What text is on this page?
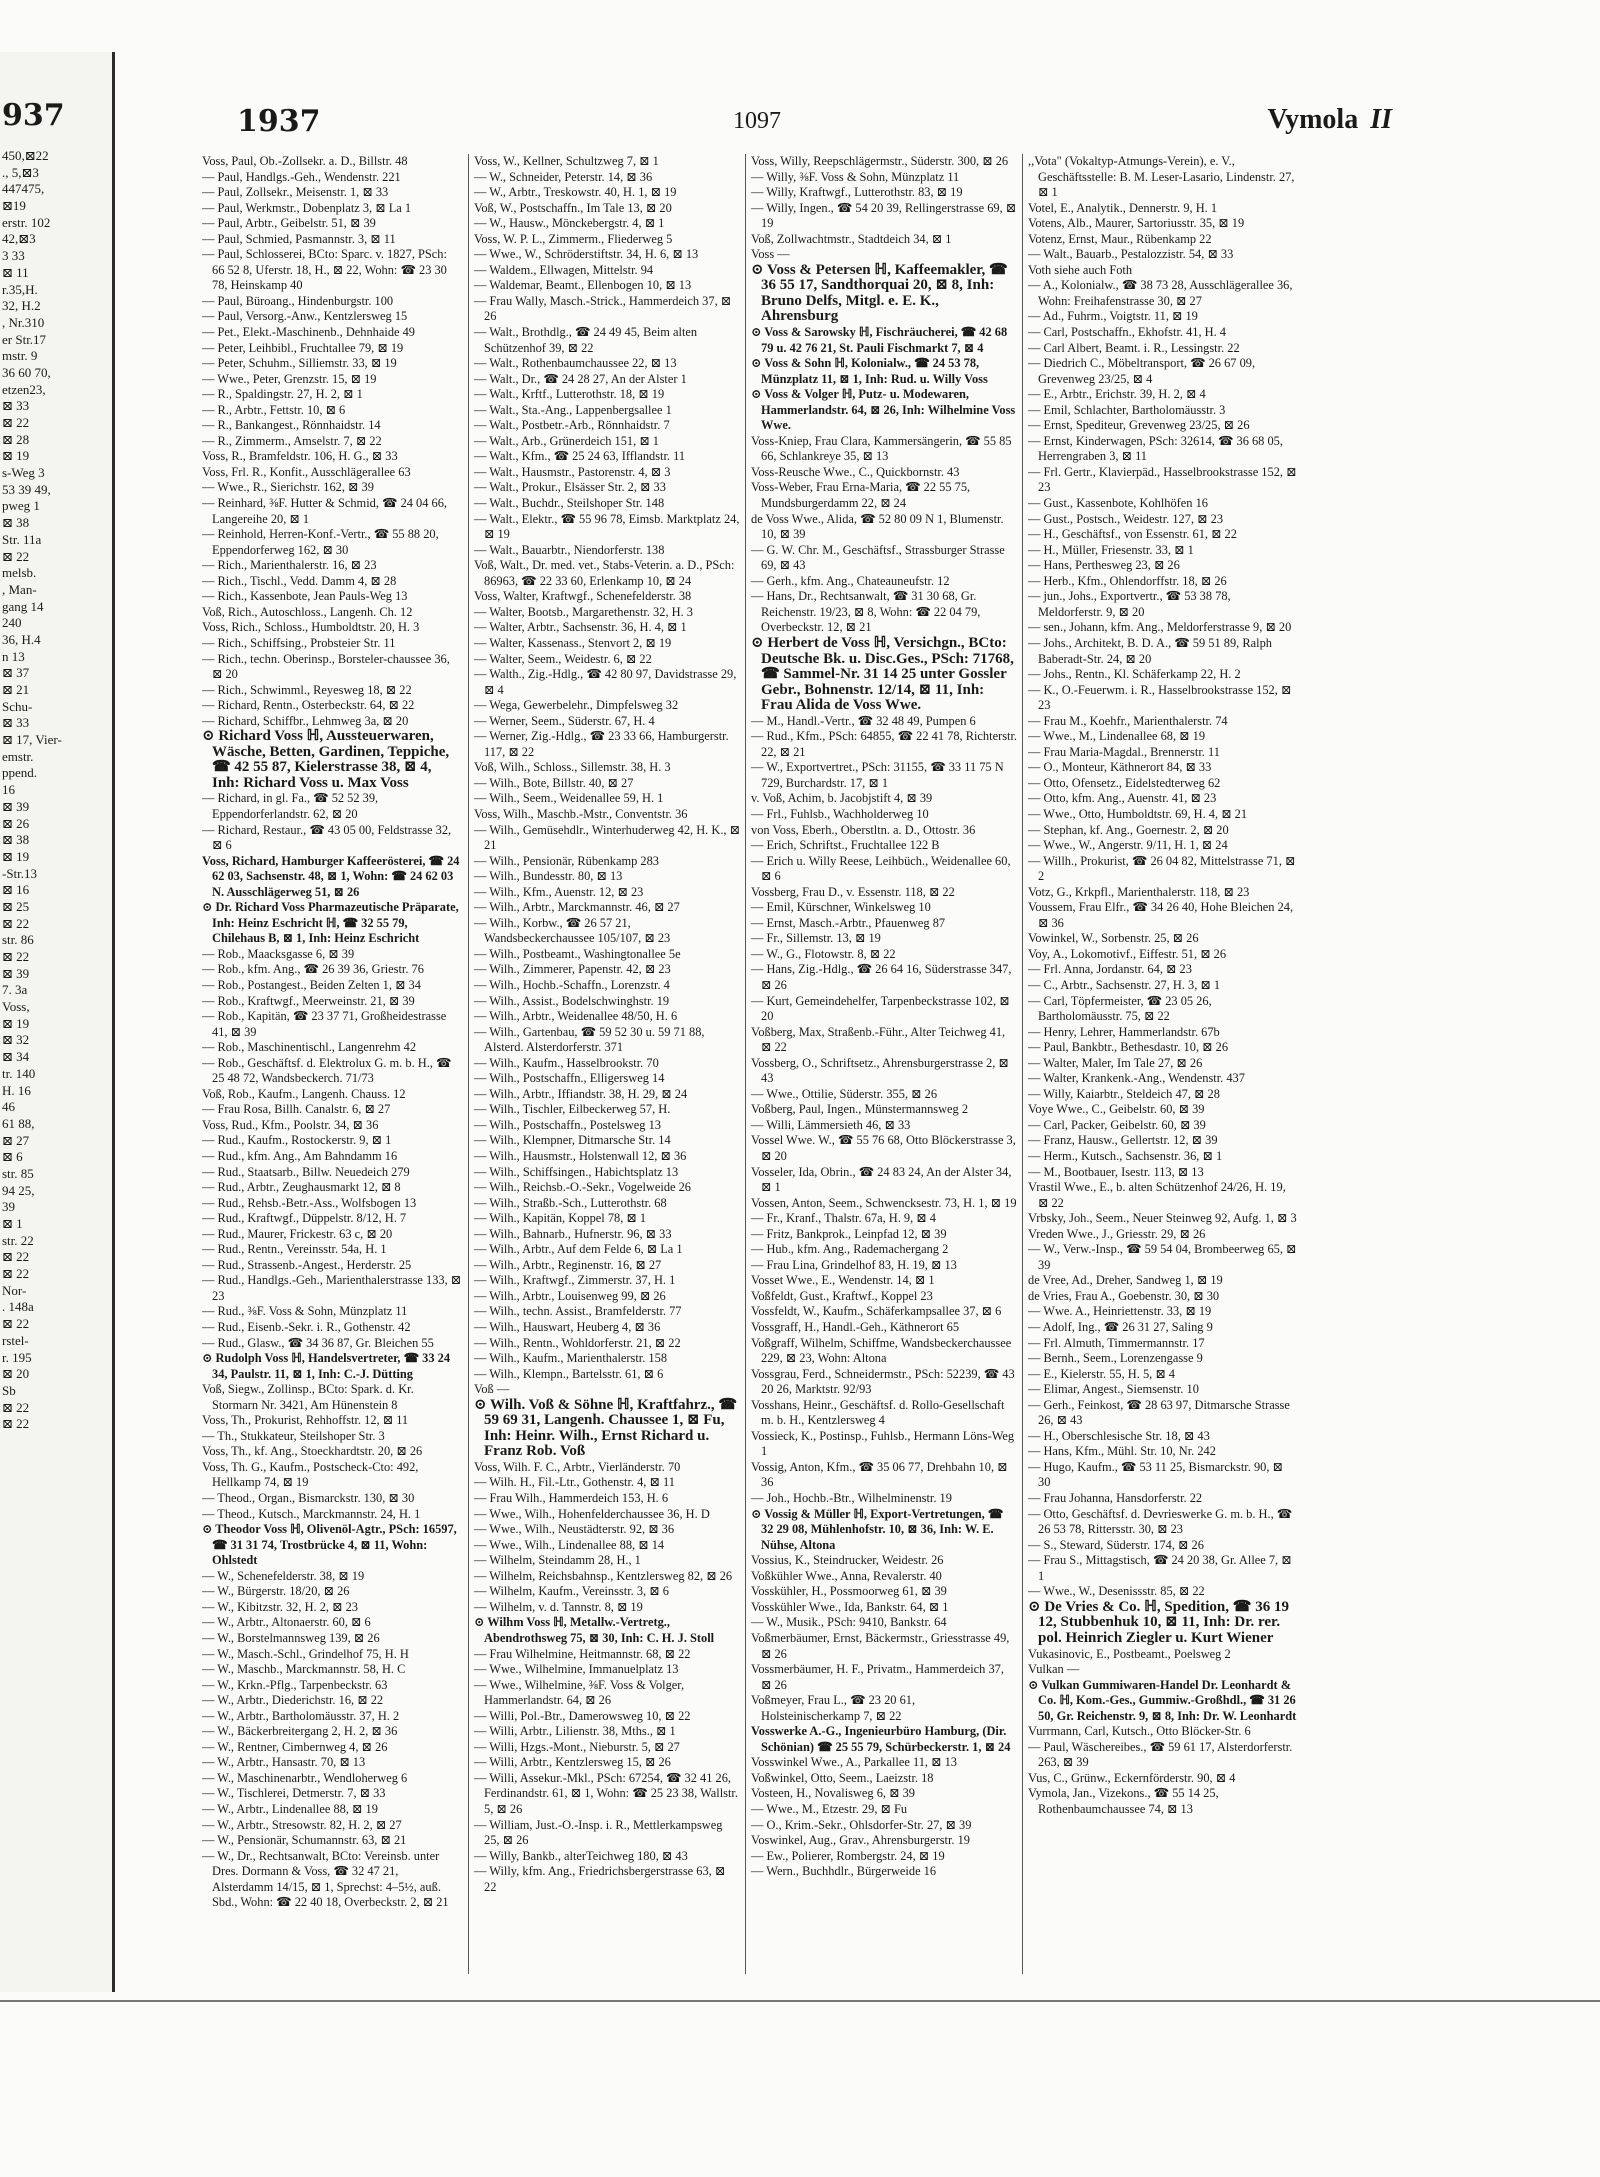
937
450,⊠22
., 5,⊠3
447475,
⊠19
erstr. 102
42,⊠3
3 33
⊠ 11
r.35,H.
32, H.2
, Nr.310
er Str.17
mstr. 9
36 60 70,
etzen23,
⊠ 33
⊠ 22
⊠ 28
⊠ 19
s-Weg 3
53 39 49,
pweg 1
⊠ 38
Str. 11a
⊠ 22
melsb.
, Man-
gang 14
240
36, H.4
n 13
⊠ 37
⊠ 21
Schu-
⊠ 33
⊠ 17, Vier-
emstr.
ppend.
16
⊠ 39
⊠ 26
⊠ 38
⊠ 19
-Str.13
⊠ 16
⊠ 25
⊠ 22
str. 86
⊠ 22
⊠ 39
7. 3a
Voss,
⊠ 19
⊠ 32
⊠ 34
tr. 140
H. 16
46
61 88,
⊠ 27
⊠ 6
str. 85
94 25,
39
⊠ 1
str. 22
⊠ 22
⊠ 22
Nor-
. 148a
⊠ 22
rstel-
r. 195
⊠ 20
Sb
⊠ 22
⊠ 22
1937	1097	Vymola II
Voss, Paul, Ob.-Zollsekr. a. D., Billstr. 48
— Paul, Handlgs.-Geh., Wendenstr. 221
— Paul, Zollsekr., Meisenstr. 1, ⊠ 33
— Paul, Werkmstr., Dobenplatz 3, ⊠ La 1
— Paul, Arbtr., Geibelstr. 51, ⊠ 39
— Paul, Schmied, Pasmannstr. 3, ⊠ 11
— Paul, Schlosserei, BCto: Sparc. v. 1827, PSch: 66 52 8, Uferstr. 18, H., ⊠ 22, Wohn: ☎ 23 30 78, Heinskamp 40
— Paul, Büroang., Hindenburgstr. 100
— Paul, Versorg.-Anw., Kentzlersweg 15
— Pet., Elekt.-Maschinenb., Dehnhaide 49
— Peter, Leihbibl., Fruchtallee 79, ⊠ 19
— Peter, Schuhm., Silliemstr. 33, ⊠ 19
— Wwe., Peter, Grenzstr. 15, ⊠ 19
— R., Spaldingstr. 27, H. 2, ⊠ 1
— R., Arbtr., Fettstr. 10, ⊠ 6
— R., Bankangest., Rönnhaidstr. 14
— R., Zimmerm., Amselstr. 7, ⊠ 22
Voss, R., Bramfeldstr. 106, H. G., ⊠ 33
Voss, Frl. R., Konfit., Ausschlägerallee 63
— Wwe., R., Sierichstr. 162, ⊠ 39
— Reinhard, ⅜F. Hutter & Schmid, ☎ 24 04 66, Langereihe 20, ⊠ 1
— Reinhold, Herren-Konf.-Vertr., ☎ 55 88 20, Eppendorferweg 162, ⊠ 30
— Rich., Marienthalerstr. 16, ⊠ 23
— Rich., Tischl., Vedd. Damm 4, ⊠ 28
— Rich., Kassenbote, Jean Pauls-Weg 13
Voß, Rich., Autoschloss., Langenh. Ch. 12
Voss, Rich., Schloss., Humboldtstr. 20, H. 3
— Rich., Schiffsing., Probsteier Str. 11
— Rich., techn. Oberinsp., Borsteler-chaussee 36, ⊠ 20
— Rich., Schwimml., Reyesweg 18, ⊠ 22
— Richard, Rentn., Osterbeckstr. 64, ⊠ 22
— Richard, Schiffbr., Lehmweg 3a, ⊠ 20
⊙ Richard Voss ℍ, Aussteuerwaren, Wäsche, Betten, Gardinen, Teppiche, ☎ 42 55 87, Kielerstrasse 38, ⊠ 4, Inh: Richard Voss u. Max Voss
— Richard, in gl. Fa., ☎ 52 52 39, Eppendorferlandstr. 62, ⊠ 20
— Richard, Restaur., ☎ 43 05 00, Feldstrasse 32, ⊠ 6
Voss, Richard, Hamburger Kaffeerösterei, ☎ 24 62 03, Sachsenstr. 48, ⊠ 1, Wohn: ☎ 24 62 03 N. Ausschlägerweg 51, ⊠ 26
⊙ Dr. Richard Voss Pharmazeutische Präparate, Inh: Heinz Eschricht ℍ, ☎ 32 55 79, Chilehaus B, ⊠ 1, Inh: Heinz Eschricht
— Rob., Maacksgasse 6, ⊠ 39
— Rob., kfm. Ang., ☎ 26 39 36, Griestr. 76
— Rob., Postangest., Beiden Zelten 1, ⊠ 34
— Rob., Kraftwgf., Meerweinstr. 21, ⊠ 39
— Rob., Kapitän, ☎ 23 37 71, Großheidestrasse 41, ⊠ 39
— Rob., Maschinentischl., Langenrehm 42
— Rob., Geschäftsf. d. Elektrolux G. m. b. H., ☎ 25 48 72, Wandsbeckerch. 71/73
Voß, Rob., Kaufm., Langenh. Chauss. 12
— Frau Rosa, Billh. Canalstr. 6, ⊠ 27
Voss, Rud., Kfm., Poolstr. 34, ⊠ 36
— Rud., Kaufm., Rostockerstr. 9, ⊠ 1
— Rud., kfm. Ang., Am Bahndamm 16
— Rud., Staatsarb., Billw. Neuedeich 279
— Rud., Arbtr., Zeughausmarkt 12, ⊠ 8
— Rud., Rehsb.-Betr.-Ass., Wolfsbogen 13
— Rud., Kraftwgf., Düppelstr. 8/12, H. 7
— Rud., Maurer, Frickestr. 63 c, ⊠ 20
— Rud., Rentn., Vereinsstr. 54a, H. 1
— Rud., Strassenb.-Angest., Herderstr. 25
— Rud., Handlgs.-Geh., Marienthalerstrasse 133, ⊠ 23
— Rud., ⅜F. Voss & Sohn, Münzplatz 11
— Rud., Eisenb.-Sekr. i. R., Gothenstr. 42
— Rud., Glasw., ☎ 34 36 87, Gr. Bleichen 55
⊙ Rudolph Voss ℍ, Handelsvertreter, ☎ 33 24 34, Paulstr. 11, ⊠ 1, Inh: C.-J. Dütting
Voß, Siegw., Zollinsp., BCto: Spark. d. Kr. Stormarn Nr. 3421, Am Hünenstein 8
Voss, Th., Prokurist, Rehhoffstr. 12, ⊠ 11
— Th., Stukkateur, Steilshoper Str. 3
Voss, Th., kf. Ang., Stoeckhardtstr. 20, ⊠ 26
Voss, Th. G., Kaufm., Postscheck-Cto: 492, Hellkamp 74, ⊠ 19
— Theod., Organ., Bismarckstr. 130, ⊠ 30
— Theod., Kutsch., Marckmannstr. 24, H. 1
⊙ Theodor Voss ℍ, Olivenöl-Agtr., PSch: 16597, ☎ 31 31 74, Trostbrücke 4, ⊠ 11, Wohn: Ohlstedt
— W., Schenefelderstr. 38, ⊠ 19
— W., Bürgerstr. 18/20, ⊠ 26
— W., Kibitzstr. 32, H. 2, ⊠ 23
— W., Arbtr., Altonaerstr. 60, ⊠ 6
— W., Borstelmannsweg 139, ⊠ 26
— W., Masch.-Schl., Grindelhof 75, H. H
— W., Maschb., Marckmannstr. 58, H. C
— W., Krkn.-Pflg., Tarpenbeckstr. 63
— W., Arbtr., Diederichstr. 16, ⊠ 22
— W., Arbtr., Bartholomäusstr. 37, H. 2
— W., Bäckerbreitergang 2, H. 2, ⊠ 36
— W., Rentner, Cimbernweg 4, ⊠ 26
— W., Arbtr., Hansastr. 70, ⊠ 13
— W., Maschinenarbtr., Wendloherweg 6
— W., Tischlerei, Detmerstr. 7, ⊠ 33
— W., Arbtr., Lindenallee 88, ⊠ 19
— W., Arbtr., Stresowstr. 82, H. 2, ⊠ 27
— W., Pensionär, Schumannstr. 63, ⊠ 21
— W., Dr., Rechtsanwalt, BCto: Vereinsb. unter Dres. Dormann & Voss, ☎ 32 47 21, Alsterdamm 14/15, ⊠ 1, Sprechst: 4–5½, auß. Sbd., Wohn: ☎ 22 40 18, Overbeckstr. 2, ⊠ 21
Voss, W., Kellner, Schultzweg 7, ⊠ 1
— W., Schneider, Peterstr. 14, ⊠ 36
— W., Arbtr., Treskowstr. 40, H. 1, ⊠ 19
Voß, W., Postschaffn., Im Tale 13, ⊠ 20
— W., Hausw., Mönckebergstr. 4, ⊠ 1
Voss, W. P. L., Zimmerm., Fliederweg 5
— Wwe., W., Schröderstiftstr. 34, H. 6, ⊠ 13
— Waldem., Ellwagen, Mittelstr. 94
— Waldemar, Beamt., Ellenbogen 10, ⊠ 13
— Frau Wally, Masch.-Strick., Hammerdeich 37, ⊠ 26
— Walt., Brothdlg., ☎ 24 49 45, Beim alten Schützenhof 39, ⊠ 22
— Walt., Rothenbaumchaussee 22, ⊠ 13
— Walt., Dr., ☎ 24 28 27, An der Alster 1
— Walt., Krftf., Lutterothstr. 18, ⊠ 19
— Walt., Sta.-Ang., Lappenbergsallee 1
— Walt., Postbetr.-Arb., Rönnhaidstr. 7
— Walt., Arb., Grünerdeich 151, ⊠ 1
— Walt., Kfm., ☎ 25 24 63, Ifflandstr. 11
— Walt., Hausmstr., Pastorenstr. 4, ⊠ 3
— Walt., Prokur., Elsässer Str. 2, ⊠ 33
— Walt., Buchdr., Steilshoper Str. 148
— Walt., Elektr., ☎ 55 96 78, Eimsb. Marktplatz 24, ⊠ 19
— Walt., Bauarbtr., Niendorferstr. 138
Voß, Walt., Dr. med. vet., Stabs-Veterin. a. D., PSch: 86963, ☎ 22 33 60, Erlenkamp 10, ⊠ 24
Voss, Walter, Kraftwgf., Schenefelderstr. 38
— Walter, Bootsb., Margarethenstr. 32, H. 3
— Walter, Arbtr., Sachsenstr. 36, H. 4, ⊠ 1
— Walter, Kassenass., Stenvort 2, ⊠ 19
— Walter, Seem., Weidestr. 6, ⊠ 22
— Walth., Zig.-Hdlg., ☎ 42 80 97, Davidstrasse 29, ⊠ 4
— Wega, Gewerbelehr., Dimpfelsweg 32
— Werner, Seem., Süderstr. 67, H. 4
— Werner, Zig.-Hdlg., ☎ 23 33 66, Hamburgerstr. 117, ⊠ 22
Voß, Wilh., Schloss., Sillemstr. 38, H. 3
— Wilh., Bote, Billstr. 40, ⊠ 27
— Wilh., Seem., Weidenallee 59, H. 1
Voss, Wilh., Maschb.-Mstr., Conventstr. 36
— Wilh., Gemüsehdlr., Winterhuderweg 42, H. K., ⊠ 21
— Wilh., Pensionär, Rübenkamp 283
— Wilh., Bundesstr. 80, ⊠ 13
— Wilh., Kfm., Auenstr. 12, ⊠ 23
— Wilh., Arbtr., Marckmannstr. 46, ⊠ 27
— Wilh., Korbw., ☎ 26 57 21, Wandsbeckerchaussee 105/107, ⊠ 23
— Wilh., Postbeamt., Washingtonallee 5e
— Wilh., Zimmerer, Papenstr. 42, ⊠ 23
— Wilh., Hochb.-Schaffn., Lorenzstr. 4
— Wilh., Assist., Bodelschwinghstr. 19
— Wilh., Arbtr., Weidenallee 48/50, H. 6
— Wilh., Gartenbau, ☎ 59 52 30 u. 59 71 88, Alsterd. Alsterdorferstr. 371
— Wilh., Kaufm., Hasselbrookstr. 70
— Wilh., Postschaffn., Elligersweg 14
— Wilh., Arbtr., Iffiandstr. 38, H. 29, ⊠ 24
— Wilh., Tischler, Eilbeckerweg 57, H.
— Wilh., Postschaffn., Postelsweg 13
— Wilh., Klempner, Ditmarsche Str. 14
— Wilh., Hausmstr., Holstenwall 12, ⊠ 36
— Wilh., Schiffsingen., Habichtsplatz 13
— Wilh., Reichsb.-O.-Sekr., Vogelweide 26
— Wilh., Straßb.-Sch., Lutterothstr. 68
— Wilh., Kapitän, Koppel 78, ⊠ 1
— Wilh., Bahnarb., Hufnerstr. 96, ⊠ 33
— Wilh., Arbtr., Auf dem Felde 6, ⊠ La 1
— Wilh., Arbtr., Reginenstr. 16, ⊠ 27
— Wilh., Kraftwgf., Zimmerstr. 37, H. 1
— Wilh., Arbtr., Louisenweg 99, ⊠ 26
— Wilh., techn. Assist., Bramfelderstr. 77
— Wilh., Hauswart, Heuberg 4, ⊠ 36
— Wilh., Rentn., Wohldorferstr. 21, ⊠ 22
— Wilh., Kaufm., Marienthalerstr. 158
— Wilh., Klempn., Bartelsstr. 61, ⊠ 6
Voß —
⊙ Wilh. Voß & Söhne ℍ, Kraftfahrz., ☎ 59 69 31, Langenh. Chaussee 1, ⊠ Fu, Inh: Heinr. Wilh., Ernst Richard u. Franz Rob. Voß
Voss, Wilh. F. C., Arbtr., Vierländerstr. 70
— Wilh. H., Fil.-Ltr., Gothenstr. 4, ⊠ 11
— Frau Wilh., Hammerdeich 153, H. 6
— Wwe., Wilh., Hohenfelderchaussee 36, H. D
— Wwe., Wilh., Neustädterstr. 92, ⊠ 36
— Wwe., Wilh., Lindenallee 88, ⊠ 14
— Wilhelm, Steindamm 28, H., 1
— Wilhelm, Reichsbahnsp., Kentzlersweg 82, ⊠ 26
— Wilhelm, Kaufm., Vereinsstr. 3, ⊠ 6
— Wilhelm, v. d. Tannstr. 8, ⊠ 19
⊙ Wilhm Voss ℍ, Metallw.-Vertretg., Abendrothsweg 75, ⊠ 30, Inh: C. H. J. Stoll
— Frau Wilhelmine, Heitmannstr. 68, ⊠ 22
— Wwe., Wilhelmine, Immanuelplatz 13
— Wwe., Wilhelmine, ⅜F. Voss & Volger, Hammerlandstr. 64, ⊠ 26
— Willi, Pol.-Btr., Damerowsweg 10, ⊠ 22
— Willi, Arbtr., Lilienstr. 38, Mths., ⊠ 1
— Willi, Hzgs.-Mont., Nieburstr. 5, ⊠ 27
— Willi, Arbtr., Kentzlersweg 15, ⊠ 26
— Willi, Assekur.-Mkl., PSch: 67254, ☎ 32 41 26, Ferdinandstr. 61, ⊠ 1, Wohn: ☎ 25 23 38, Wallstr. 5, ⊠ 26
— William, Just.-O.-Insp. i. R., Mettlerkampsweg 25, ⊠ 26
— Willy, Bankb., alterTeichweg 180, ⊠ 43
— Willy, kfm. Ang., Friedrichsbergerstrasse 63, ⊠ 22
Voss, Willy, Reepschlägermstr., Süderstr. 300, ⊠ 26
— Willy, ⅜F. Voss & Sohn, Münzplatz 11
— Willy, Kraftwgf., Lutterothstr. 83, ⊠ 19
— Willy, Ingen., ☎ 54 20 39, Rellingerstrasse 69, ⊠ 19
Voß, Zollwachtmstr., Stadtdeich 34, ⊠ 1
Voss —
⊙ Voss & Petersen ℍ, Kaffeemakler, ☎ 36 55 17, Sandthorquai 20, ⊠ 8, Inh: Bruno Delfs, Mitgl. e. E. K., Ahrensburg
⊙ Voss & Sarowsky ℍ, Fischräucherei, ☎ 42 68 79 u. 42 76 21, St. Pauli Fischmarkt 7, ⊠ 4
⊙ Voss & Sohn ℍ, Kolonialw., ☎ 24 53 78, Münzplatz 11, ⊠ 1, Inh: Rud. u. Willy Voss
⊙ Voss & Volger ℍ, Putz- u. Modewaren, Hammerlandstr. 64, ⊠ 26, Inh: Wilhelmine Voss Wwe.
Voss-Kniep, Frau Clara, Kammersängerin, ☎ 55 85 66, Schlankreye 35, ⊠ 13
Voss-Reusche Wwe., C., Quickbornstr. 43
Voss-Weber, Frau Erna-Maria, ☎ 22 55 75, Mundsburgerdamm 22, ⊠ 24
de Voss Wwe., Alida, ☎ 52 80 09 N 1, Blumenstr. 10, ⊠ 39
— G. W. Chr. M., Geschäftsf., Strassburger Strasse 69, ⊠ 43
— Gerh., kfm. Ang., Chateauneufstr. 12
— Hans, Dr., Rechtsanwalt, ☎ 31 30 68, Gr. Reichenstr. 19/23, ⊠ 8, Wohn: ☎ 22 04 79, Overbeckstr. 12, ⊠ 21
⊙ Herbert de Voss ℍ, Versichgn., BCto: Deutsche Bk. u. Disc.Ges., PSch: 71768, ☎ Sammel-Nr. 31 14 25 unter Gossler Gebr., Bohnenstr. 12/14, ⊠ 11, Inh: Frau Alida de Voss Wwe.
— M., Handl.-Vertr., ☎ 32 48 49, Pumpen 6
— Rud., Kfm., PSch: 64855, ☎ 22 41 78, Richterstr. 22, ⊠ 21
— W., Exportvertret., PSch: 31155, ☎ 33 11 75 N 729, Burchardstr. 17, ⊠ 1
v. Voß, Achim, b. Jacobjstift 4, ⊠ 39
— Frl., Fuhlsb., Wachholderweg 10
von Voss, Eberh., Oberstltn. a. D., Ottostr. 36
— Erich, Schriftst., Fruchtallee 122 B
— Erich u. Willy Reese, Leihbüch., Weidenallee 60, ⊠ 6
Vossberg, Frau D., v. Essenstr. 118, ⊠ 22
— Emil, Kürschner, Winkelsweg 10
— Ernst, Masch.-Arbtr., Pfauenweg 87
— Fr., Sillemstr. 13, ⊠ 19
— W., G., Flotowstr. 8, ⊠ 22
— Hans, Zig.-Hdlg., ☎ 26 64 16, Süderstrasse 347, ⊠ 26
— Kurt, Gemeindehelfer, Tarpenbeckstrasse 102, ⊠ 20
Voßberg, Max, Straßenb.-Führ., Alter Teichweg 41, ⊠ 22
Vossberg, O., Schriftsetz., Ahrensburgerstrasse 2, ⊠ 43
— Wwe., Ottilie, Süderstr. 355, ⊠ 26
Voßberg, Paul, Ingen., Münstermannsweg 2
— Willi, Lämmersieth 46, ⊠ 33
Vossel Wwe. W., ☎ 55 76 68, Otto Blöckerstrasse 3, ⊠ 20
Vosseler, Ida, Obrin., ☎ 24 83 24, An der Alster 34, ⊠ 1
Vossen, Anton, Seem., Schwencksestr. 73, H. 1, ⊠ 19
— Fr., Kranf., Thalstr. 67a, H. 9, ⊠ 4
— Fritz, Bankprok., Leinpfad 12, ⊠ 39
— Hub., kfm. Ang., Rademachergang 2
— Frau Lina, Grindelhof 83, H. 19, ⊠ 13
Vosset Wwe., E., Wendenstr. 14, ⊠ 1
Voßfeldt, Gust., Kraftwf., Koppel 23
Vossfeldt, W., Kaufm., Schäferkampsallee 37, ⊠ 6
Vossgraff, H., Handl.-Geh., Käthnerort 65
Voßgraff, Wilhelm, Schiffme, Wandsbeckerchaussee 229, ⊠ 23, Wohn: Altona
Vossgrau, Ferd., Schneidermstr., PSch: 52239, ☎ 43 20 26, Marktstr. 92/93
Vosshans, Heinr., Geschäftsf. d. Rollo-Gesellschaft m. b. H., Kentzlersweg 4
Vossieck, K., Postinsp., Fuhlsb., Hermann Löns-Weg 1
Vossig, Anton, Kfm., ☎ 35 06 77, Drehbahn 10, ⊠ 36
— Joh., Hochb.-Btr., Wilhelminenstr. 19
⊙ Vossig & Müller ℍ, Export-Vertretungen, ☎ 32 29 08, Mühlenhofstr. 10, ⊠ 36, Inh: W. E. Nühse, Altona
Vossius, K., Steindrucker, Weidestr. 26
Voßkühler Wwe., Anna, Revalerstr. 40
Vosskühler, H., Possmoorweg 61, ⊠ 39
Vosskühler Wwe., Ida, Bankstr. 64, ⊠ 1
— W., Musik., PSch: 9410, Bankstr. 64
Voßmerbäumer, Ernst, Bäckermstr., Griesstrasse 49, ⊠ 26
Vossmerbäumer, H. F., Privatm., Hammerdeich 37, ⊠ 26
Voßmeyer, Frau L., ☎ 23 20 61, Holsteinischerkamp 7, ⊠ 22
Vosswerke A.-G., Ingenieurbüro Hamburg, (Dir. Schönian) ☎ 25 55 79, Schürbeckerstr. 1, ⊠ 24
Vosswinkel Wwe., A., Parkallee 11, ⊠ 13
Voßwinkel, Otto, Seem., Laeizstr. 18
Vosteen, H., Novalisweg 6, ⊠ 39
— Wwe., M., Etzestr. 29, ⊠ Fu
— O., Krim.-Sekr., Ohlsdorfer-Str. 27, ⊠ 39
Voswinkel, Aug., Grav., Ahrensburgerstr. 19
— Ew., Polierer, Rombergstr. 24, ⊠ 19
— Wern., Buchhdlr., Bürgerweide 16
,,Vota" (Vokaltyp-Atmungs-Verein), e. V., Geschäftsstelle: B. M. Leser-Lasario, Lindenstr. 27, ⊠ 1
Votel, E., Analytik., Dennerstr. 9, H. 1
Votens, Alb., Maurer, Sartoriusstr. 35, ⊠ 19
Votenz, Ernst, Maur., Rübenkamp 22
— Walt., Bauarb., Pestalozzistr. 54, ⊠ 33
Voth siehe auch Foth
— A., Kolonialw., ☎ 38 73 28, Ausschlägerallee 36, Wohn: Freihafenstrasse 30, ⊠ 27
— Ad., Fuhrm., Voigtstr. 11, ⊠ 19
— Carl, Postschaffn., Ekhofstr. 41, H. 4
— Carl Albert, Beamt. i. R., Lessingstr. 22
— Diedrich C., Möbeltransport, ☎ 26 67 09, Grevenweg 23/25, ⊠ 4
— E., Arbtr., Erichstr. 39, H. 2, ⊠ 4
— Emil, Schlachter, Bartholomäusstr. 3
— Ernst, Spediteur, Grevenweg 23/25, ⊠ 26
— Ernst, Kinderwagen, PSch: 32614, ☎ 36 68 05, Herrengraben 3, ⊠ 11
— Frl. Gertr., Klavierpäd., Hasselbrookstrasse 152, ⊠ 23
— Gust., Kassenbote, Kohlhöfen 16
— Gust., Postsch., Weidestr. 127, ⊠ 23
— H., Geschäftsf., von Essenstr. 61, ⊠ 22
— H., Müller, Friesenstr. 33, ⊠ 1
— Hans, Perthesweg 23, ⊠ 26
— Herb., Kfm., Ohlendorffstr. 18, ⊠ 26
— jun., Johs., Exportvertr., ☎ 53 38 78, Meldorferstr. 9, ⊠ 20
— sen., Johann, kfm. Ang., Meldorferstrasse 9, ⊠ 20
— Johs., Architekt, B. D. A., ☎ 59 51 89, Ralph Baberadt-Str. 24, ⊠ 20
— Johs., Rentn., Kl. Schäferkamp 22, H. 2
— K., O.-Feuerwm. i. R., Hasselbrookstrasse 152, ⊠ 23
— Frau M., Koehfr., Marienthalerstr. 74
— Wwe., M., Lindenallee 68, ⊠ 19
— Frau Maria-Magdal., Brennerstr. 11
— O., Monteur, Käthnerort 84, ⊠ 33
— Otto, Ofensetz., Eidelstedterweg 62
— Otto, kfm. Ang., Auenstr. 41, ⊠ 23
— Wwe., Otto, Humboldtstr. 69, H. 4, ⊠ 21
— Stephan, kf. Ang., Goernestr. 2, ⊠ 20
— Wwe., W., Angerstr. 9/11, H. 1, ⊠ 24
— Willh., Prokurist, ☎ 26 04 82, Mittelstrasse 71, ⊠ 2
Votz, G., Krkpfl., Marienthalerstr. 118, ⊠ 23
Voussem, Frau Elfr., ☎ 34 26 40, Hohe Bleichen 24, ⊠ 36
Vowinkel, W., Sorbenstr. 25, ⊠ 26
Voy, A., Lokomotivf., Eiffestr. 51, ⊠ 26
— Frl. Anna, Jordanstr. 64, ⊠ 23
— C., Arbtr., Sachsenstr. 27, H. 3, ⊠ 1
— Carl, Töpfermeister, ☎ 23 05 26, Bartholomäusstr. 75, ⊠ 22
— Henry, Lehrer, Hammerlandstr. 67b
— Paul, Bankbtr., Bethesdastr. 10, ⊠ 26
— Walter, Maler, Im Tale 27, ⊠ 26
— Walter, Krankenk.-Ang., Wendenstr. 437
— Willy, Kaiarbtr., Steldeich 47, ⊠ 28
Voye Wwe., C., Geibelstr. 60, ⊠ 39
— Carl, Packer, Geibelstr. 60, ⊠ 39
— Franz, Hausw., Gellertstr. 12, ⊠ 39
— Herm., Kutsch., Sachsenstr. 36, ⊠ 1
— M., Bootbauer, Isestr. 113, ⊠ 13
Vrastil Wwe., E., b. alten Schützenhof 24/26, H. 19, ⊠ 22
Vrbsky, Joh., Seem., Neuer Steinweg 92, Aufg. 1, ⊠ 3
Vreden Wwe., J., Griesstr. 29, ⊠ 26
— W., Verw.-Insp., ☎ 59 54 04, Brombeerweg 65, ⊠ 39
de Vree, Ad., Dreher, Sandweg 1, ⊠ 19
de Vries, Frau A., Goebenstr. 30, ⊠ 30
— Wwe. A., Heinriettenstr. 33, ⊠ 19
— Adolf, Ing., ☎ 26 31 27, Saling 9
— Frl. Almuth, Timmermannstr. 17
— Bernh., Seem., Lorenzengasse 9
— E., Kielerstr. 55, H. 5, ⊠ 4
— Elimar, Angest., Siemsenstr. 10
— Gerh., Feinkost, ☎ 28 63 97, Ditmarsche Strasse 26, ⊠ 43
— H., Oberschlesische Str. 18, ⊠ 43
— Hans, Kfm., Mühl. Str. 10, Nr. 242
— Hugo, Kaufm., ☎ 53 11 25, Bismarckstr. 90, ⊠ 30
— Frau Johanna, Hansdorferstr. 22
— Otto, Geschäftsf. d. Devrieswerke G. m. b. H., ☎ 26 53 78, Rittersstr. 30, ⊠ 23
— S., Steward, Süderstr. 174, ⊠ 26
— Frau S., Mittagstisch, ☎ 24 20 38, Gr. Allee 7, ⊠ 1
— Wwe., W., Desenissstr. 85, ⊠ 22
⊙ De Vries & Co. ℍ, Spedition, ☎ 36 19 12, Stubbenhuk 10, ⊠ 11, Inh: Dr. rer. pol. Heinrich Ziegler u. Kurt Wiener
Vukasinovic, E., Postbeamt., Poelsweg 2
Vulkan —
⊙ Vulkan Gummiwaren-Handel Dr. Leonhardt & Co. ℍ, Kom.-Ges., Gummiw.-Großhdl., ☎ 31 26 50, Gr. Reichenstr. 9, ⊠ 8, Inh: Dr. W. Leonhardt
Vurrmann, Carl, Kutsch., Otto Blöcker-Str. 6
— Paul, Wäschereibes., ☎ 59 61 17, Alsterdorferstr. 263, ⊠ 39
Vus, C., Grünw., Eckernförderstr. 90, ⊠ 4
Vymola, Jan., Vizekons., ☎ 55 14 25, Rothenbaumchaussee 74, ⊠ 13
